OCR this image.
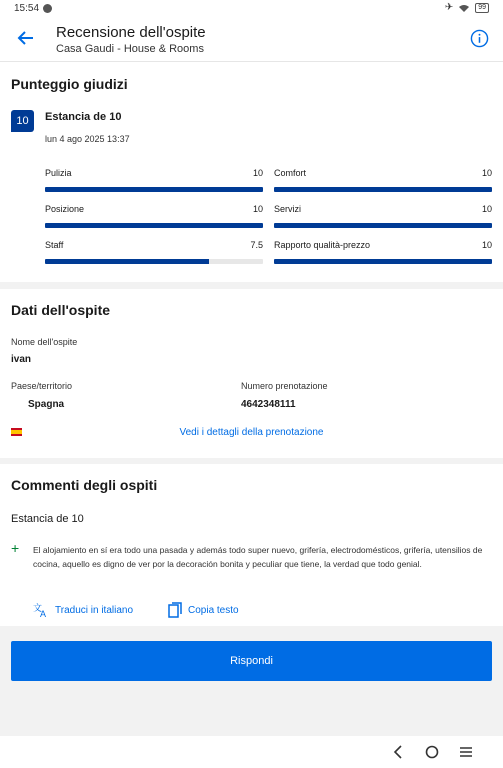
15:54	✈	99
Recensione dell'ospite
Casa Gaudi - House & Rooms
Punteggio giudizi
10	Estancia de 10
lun 4 ago 2025 13:37
Pulizia	10 Comfort	10
Posizione	10 Servizi	10
Staff	7.5 Rapporto qualità-prezzo	10
Dati dell'ospite
Nome dell'ospite
ivan
Paese/territorio
Spagna
Numero prenotazione
4642348111
Vedi i dettagli della prenotazione
Commenti degli ospiti
Estancia de 10
+ El alojamiento en sí era todo una pasada y además todo super nuevo, grifería, electrodomésticos, grifería, utensilios de cocina, aquello es digno de ver por la decoración bonita y peculiar que tiene, la verdad que todo genial.
文
A Traduci in italiano	Copia testo
Rispondi
